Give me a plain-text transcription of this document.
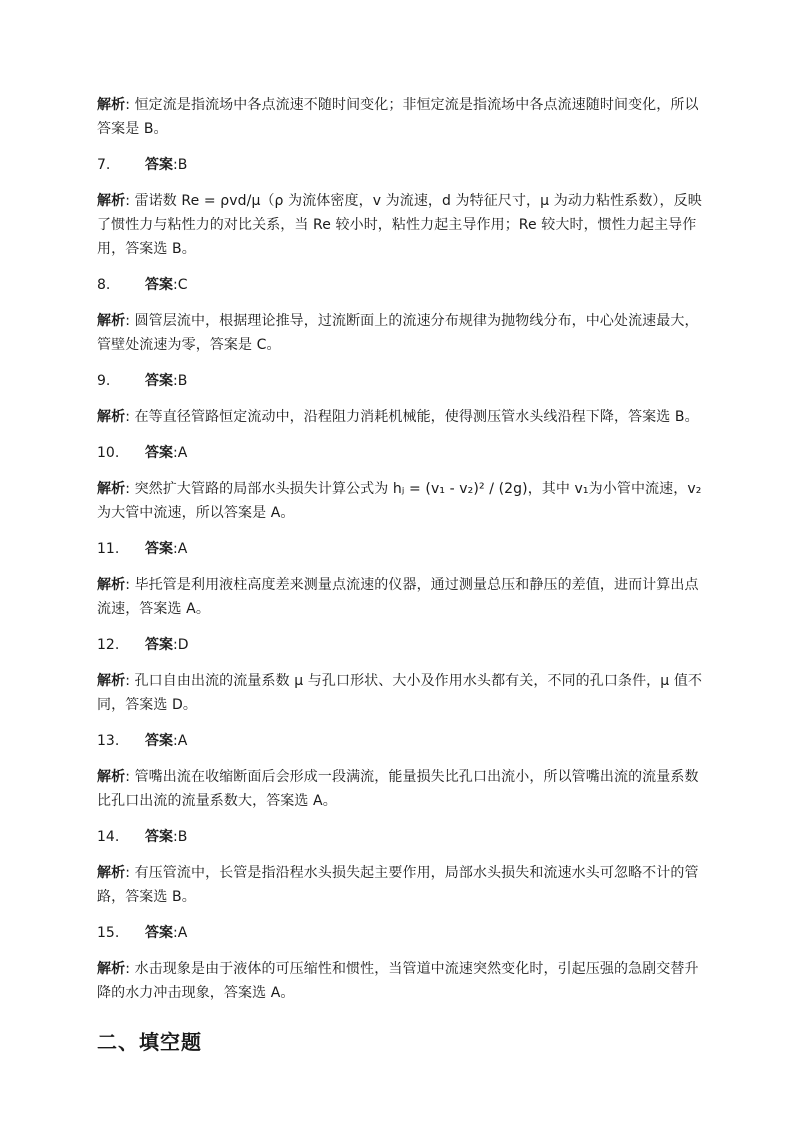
解析: 恒定流是指流场中各点流速不随时间变化；非恒定流是指流场中各点流速随时间变化，所以答案是 B。

7.	答案 : B

解析: 雷诺数 Re = ρvd/μ（ρ 为流体密度，v 为流速，d 为特征尺寸，μ 为动力粘性系数），反映了惯性力与粘性力的对比关系，当 Re 较小时，粘性力起主导作用；Re 较大时，惯性力起主导作用，答案选 B。

8.	答案 : C

解析: 圆管层流中，根据理论推导，过流断面上的流速分布规律为抛物线分布，中心处流速最大，管壁处流速为零，答案是 C。

9.	答案 : B

解析: 在等直径管路恒定流动中，沿程阻力消耗机械能，使得测压管水头线沿程下降，答案选 B。

10.	答案 : A

解析: 突然扩大管路的局部水头损失计算公式为 hⱼ = (v₁ - v₂)² / (2g)，其中 v₁为小管中流速，v₂为大管中流速，所以答案是 A。

11.	答案 : A

解析: 毕托管是利用液柱高度差来测量点流速的仪器，通过测量总压和静压的差值，进而计算出点流速，答案选 A。

12.	答案 : D

解析: 孔口自由出流的流量系数 μ 与孔口形状、大小及作用水头都有关，不同的孔口条件，μ 值不同，答案选 D。

13.	答案 : A

解析: 管嘴出流在收缩断面后会形成一段满流，能量损失比孔口出流小，所以管嘴出流的流量系数比孔口出流的流量系数大，答案选 A。

14.	答案 : B

解析: 有压管流中，长管是指沿程水头损失起主要作用，局部水头损失和流速水头可忽略不计的管路，答案选 B。

15.	答案 : A

解析: 水击现象是由于液体的可压缩性和惯性，当管道中流速突然变化时，引起压强的急剧交替升降的水力冲击现象，答案选 A。

二、填空题
